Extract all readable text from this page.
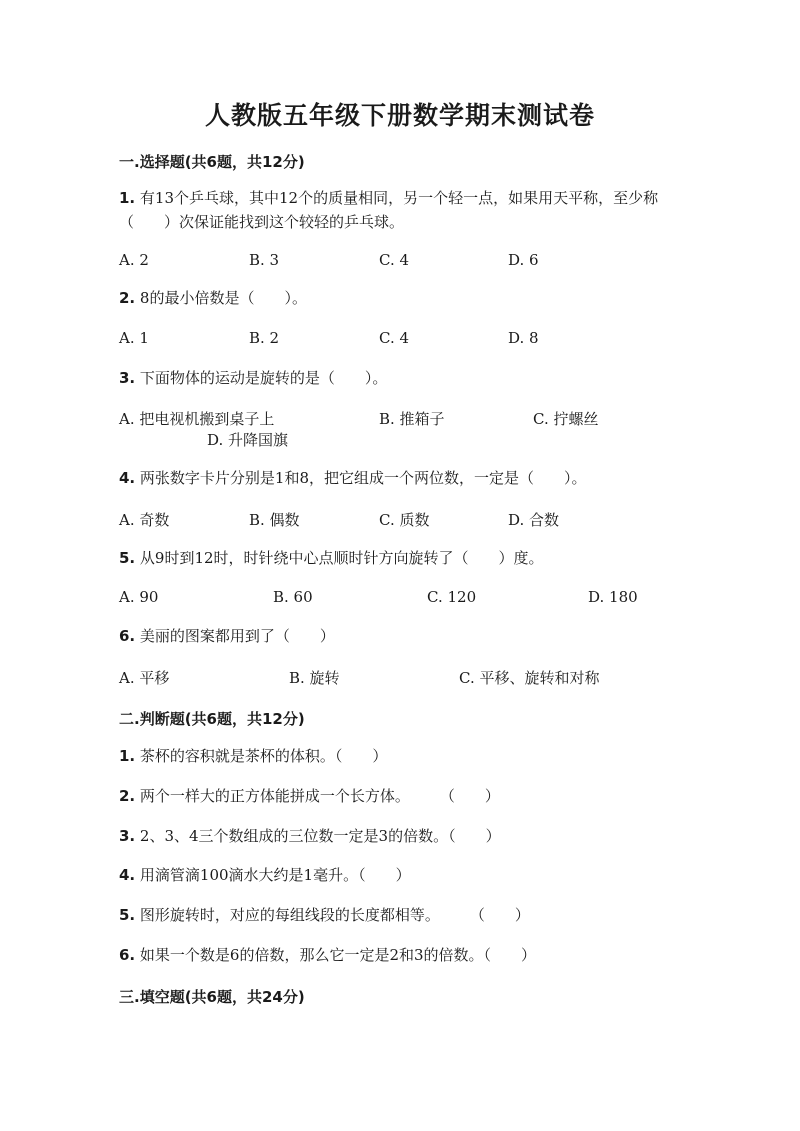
人教版五年级下册数学期末测试卷
一.选择题(共6题，共12分)
1. 有13个乒乓球，其中12个的质量相同，另一个轻一点，如果用天平称，至少称（　　）次保证能找到这个较轻的乒乓球。
A. 2	B. 3	C. 4	D. 6
2. 8的最小倍数是（　　）。
A. 1	B. 2	C. 4	D. 8
3. 下面物体的运动是旋转的是（　　）。
A. 把电视机搬到桌子上	B. 推箱子	C. 拧螺丝
D. 升降国旗
4. 两张数字卡片分别是1和8，把它组成一个两位数，一定是（　　）。
A. 奇数	B. 偶数	C. 质数	D. 合数
5. 从9时到12时，时针绕中心点顺时针方向旋转了（　　）度。
A. 90	B. 60	C. 120	D. 180
6. 美丽的图案都用到了（　　）
A. 平移	B. 旋转	C. 平移、旋转和对称
二.判断题(共6题，共12分)
1. 茶杯的容积就是茶杯的体积。（　　）
2. 两个一样大的正方体能拼成一个长方体。　　　（　　）
3. 2、3、4三个数组成的三位数一定是3的倍数。（　　）
4. 用滴管滴100滴水大约是1毫升。（　　）
5. 图形旋转时，对应的每组线段的长度都相等。　　　（　　）
6. 如果一个数是6的倍数，那么它一定是2和3的倍数。（　　）
三.填空题(共6题，共24分)
